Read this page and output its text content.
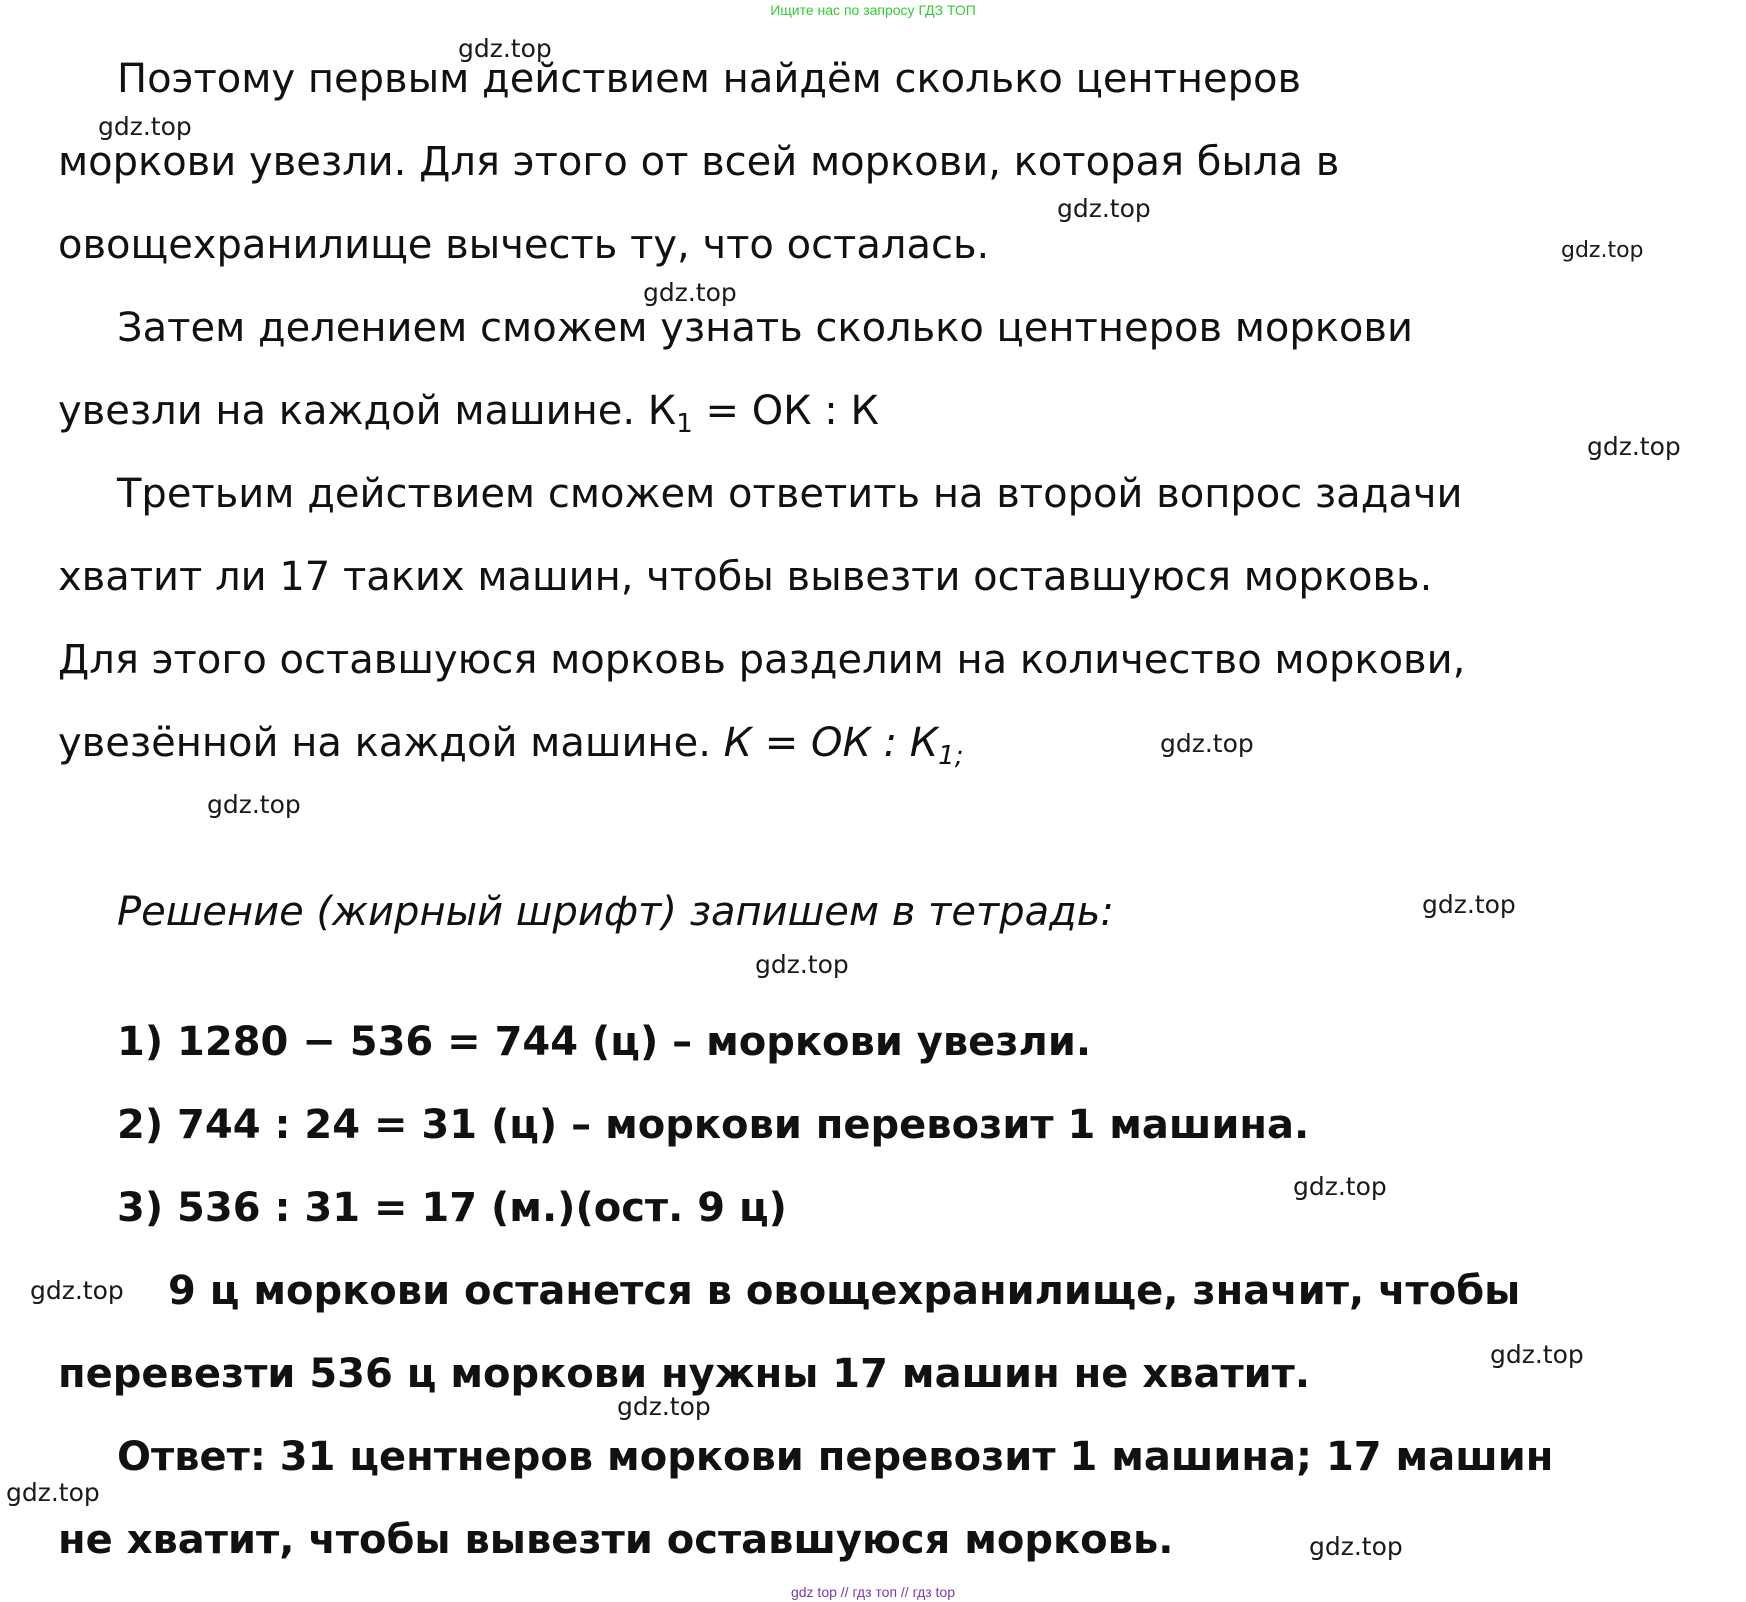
Ищите нас по запросу ГДЗ ТОП
Поэтому первым действием найдём сколько центнеров
моркови увезли. Для этого от всей моркови, которая была в
овощехранилище вычесть ту, что осталась.
Затем делением сможем узнать сколько центнеров моркови
увезли на каждой машине. $К_1$ = ОК : К
Третьим действием сможем ответить на второй вопрос задачи
хватит ли 17 таких машин, чтобы вывезти оставшуюся морковь.
Для этого оставшуюся морковь разделим на количество моркови,
увезённой на каждой машине. К = ОК : $К_{1;}$
Решение (жирный шрифт) запишем в тетрадь:
1) 1280 − 536 = 744 (ц) – моркови увезли.
2) 744 : 24 = 31 (ц) – моркови перевозит 1 машина.
3) 536 : 31 = 17 (м.)(ост. 9 ц)
9 ц моркови останется в овощехранилище, значит, чтобы
перевезти 536 ц моркови нужны 17 машин не хватит.
Ответ: 31 центнеров моркови перевозит 1 машина; 17 машин
не хватит, чтобы вывезти оставшуюся морковь.
gdz.top
gdz.top
gdz.top
gdz.top
gdz.top
gdz.top
gdz.top
gdz.top
gdz.top
gdz.top
gdz.top
gdz.top
gdz.top
gdz.top
gdz.top
gdz.top
gdz top // гдз топ // гдз top
